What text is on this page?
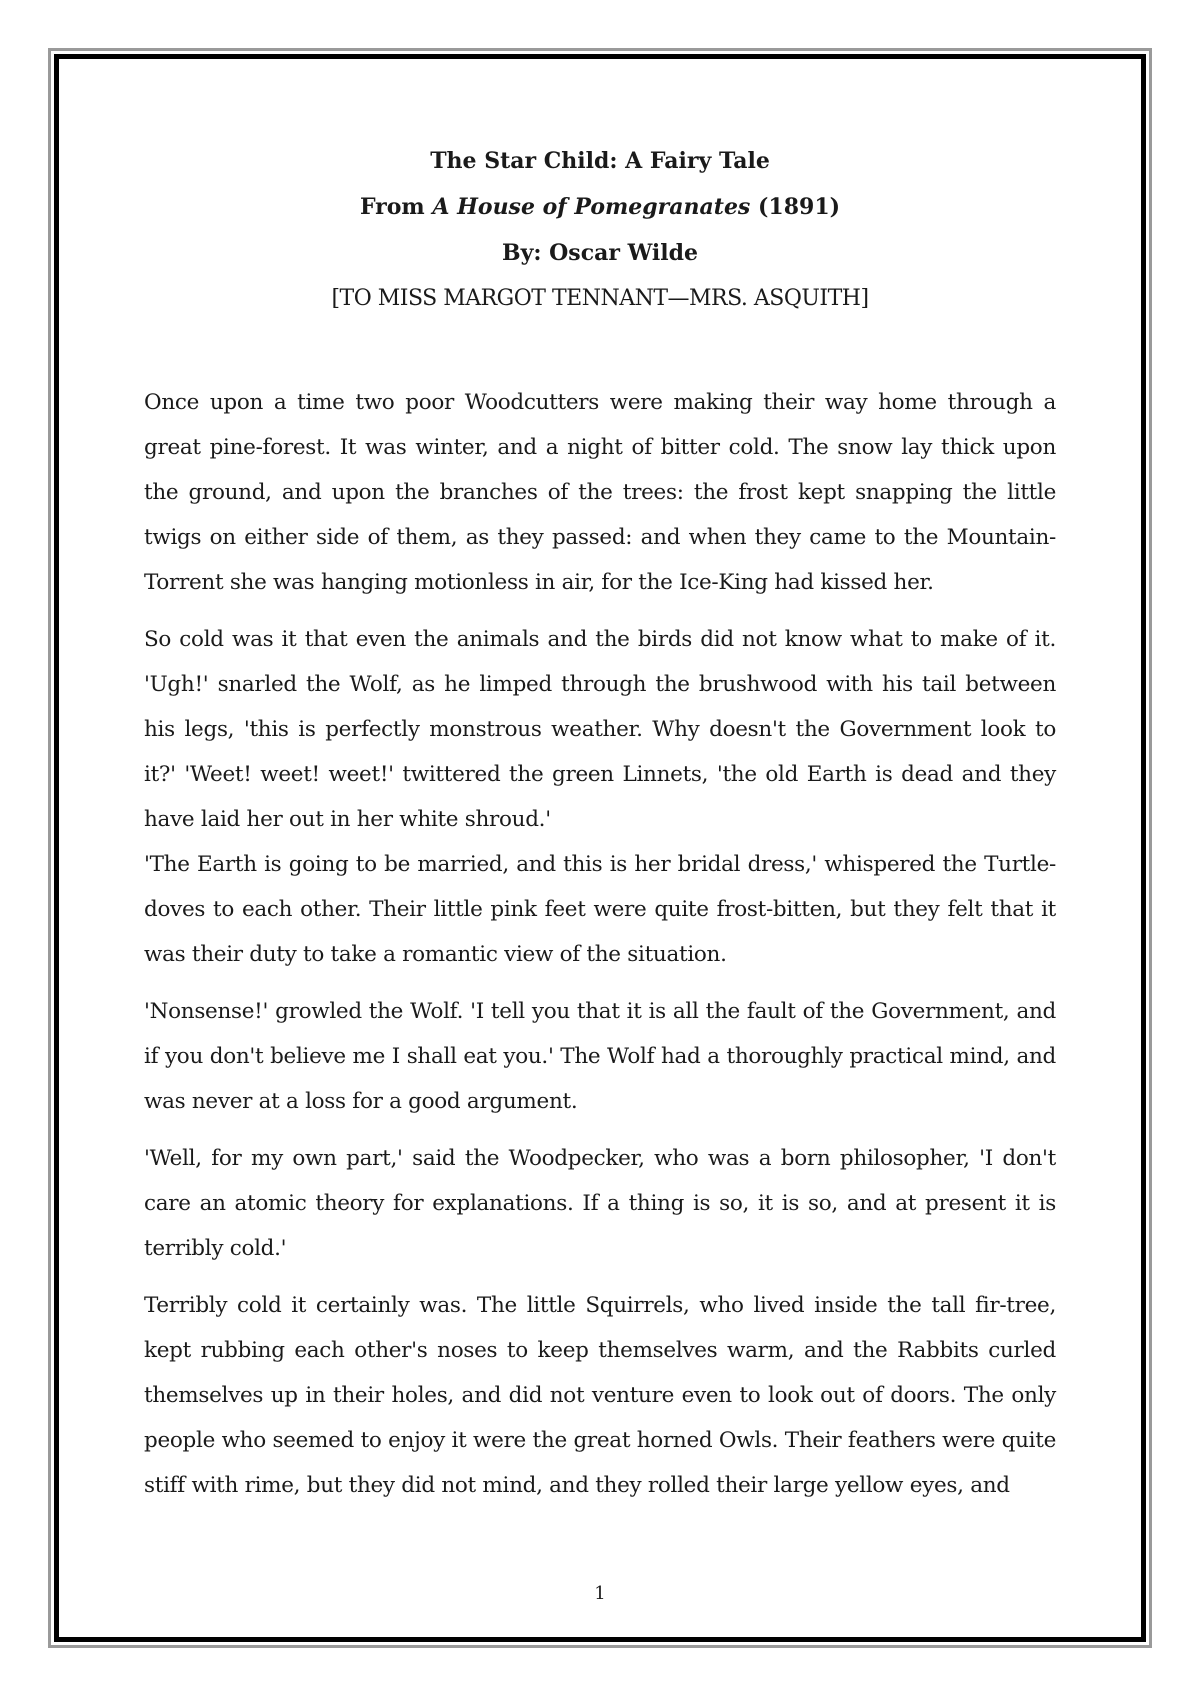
The Star Child: A Fairy Tale
From A House of Pomegranates (1891)
By: Oscar Wilde
[TO MISS MARGOT TENNANT—MRS. ASQUITH]

Once upon a time two poor Woodcutters were making their way home through a great pine-forest. It was winter, and a night of bitter cold. The snow lay thick upon the ground, and upon the branches of the trees: the frost kept snapping the little twigs on either side of them, as they passed: and when they came to the Mountain- Torrent she was hanging motionless in air, for the Ice-King had kissed her.

So cold was it that even the animals and the birds did not know what to make of it. 'Ugh!' snarled the Wolf, as he limped through the brushwood with his tail between his legs, 'this is perfectly monstrous weather. Why doesn't the Government look to it?' 'Weet! weet! weet!' twittered the green Linnets, 'the old Earth is dead and they have laid her out in her white shroud.'

'The Earth is going to be married, and this is her bridal dress,' whispered the Turtle-doves to each other. Their little pink feet were quite frost-bitten, but they felt that it was their duty to take a romantic view of the situation.

'Nonsense!' growled the Wolf. 'I tell you that it is all the fault of the Government, and if you don't believe me I shall eat you.' The Wolf had a thoroughly practical mind, and was never at a loss for a good argument.

'Well, for my own part,' said the Woodpecker, who was a born philosopher, 'I don't care an atomic theory for explanations. If a thing is so, it is so, and at present it is terribly cold.'

Terribly cold it certainly was. The little Squirrels, who lived inside the tall fir-tree, kept rubbing each other's noses to keep themselves warm, and the Rabbits curled themselves up in their holes, and did not venture even to look out of doors. The only people who seemed to enjoy it were the great horned Owls. Their feathers were quite stiff with rime, but they did not mind, and they rolled their large yellow eyes, and

1
